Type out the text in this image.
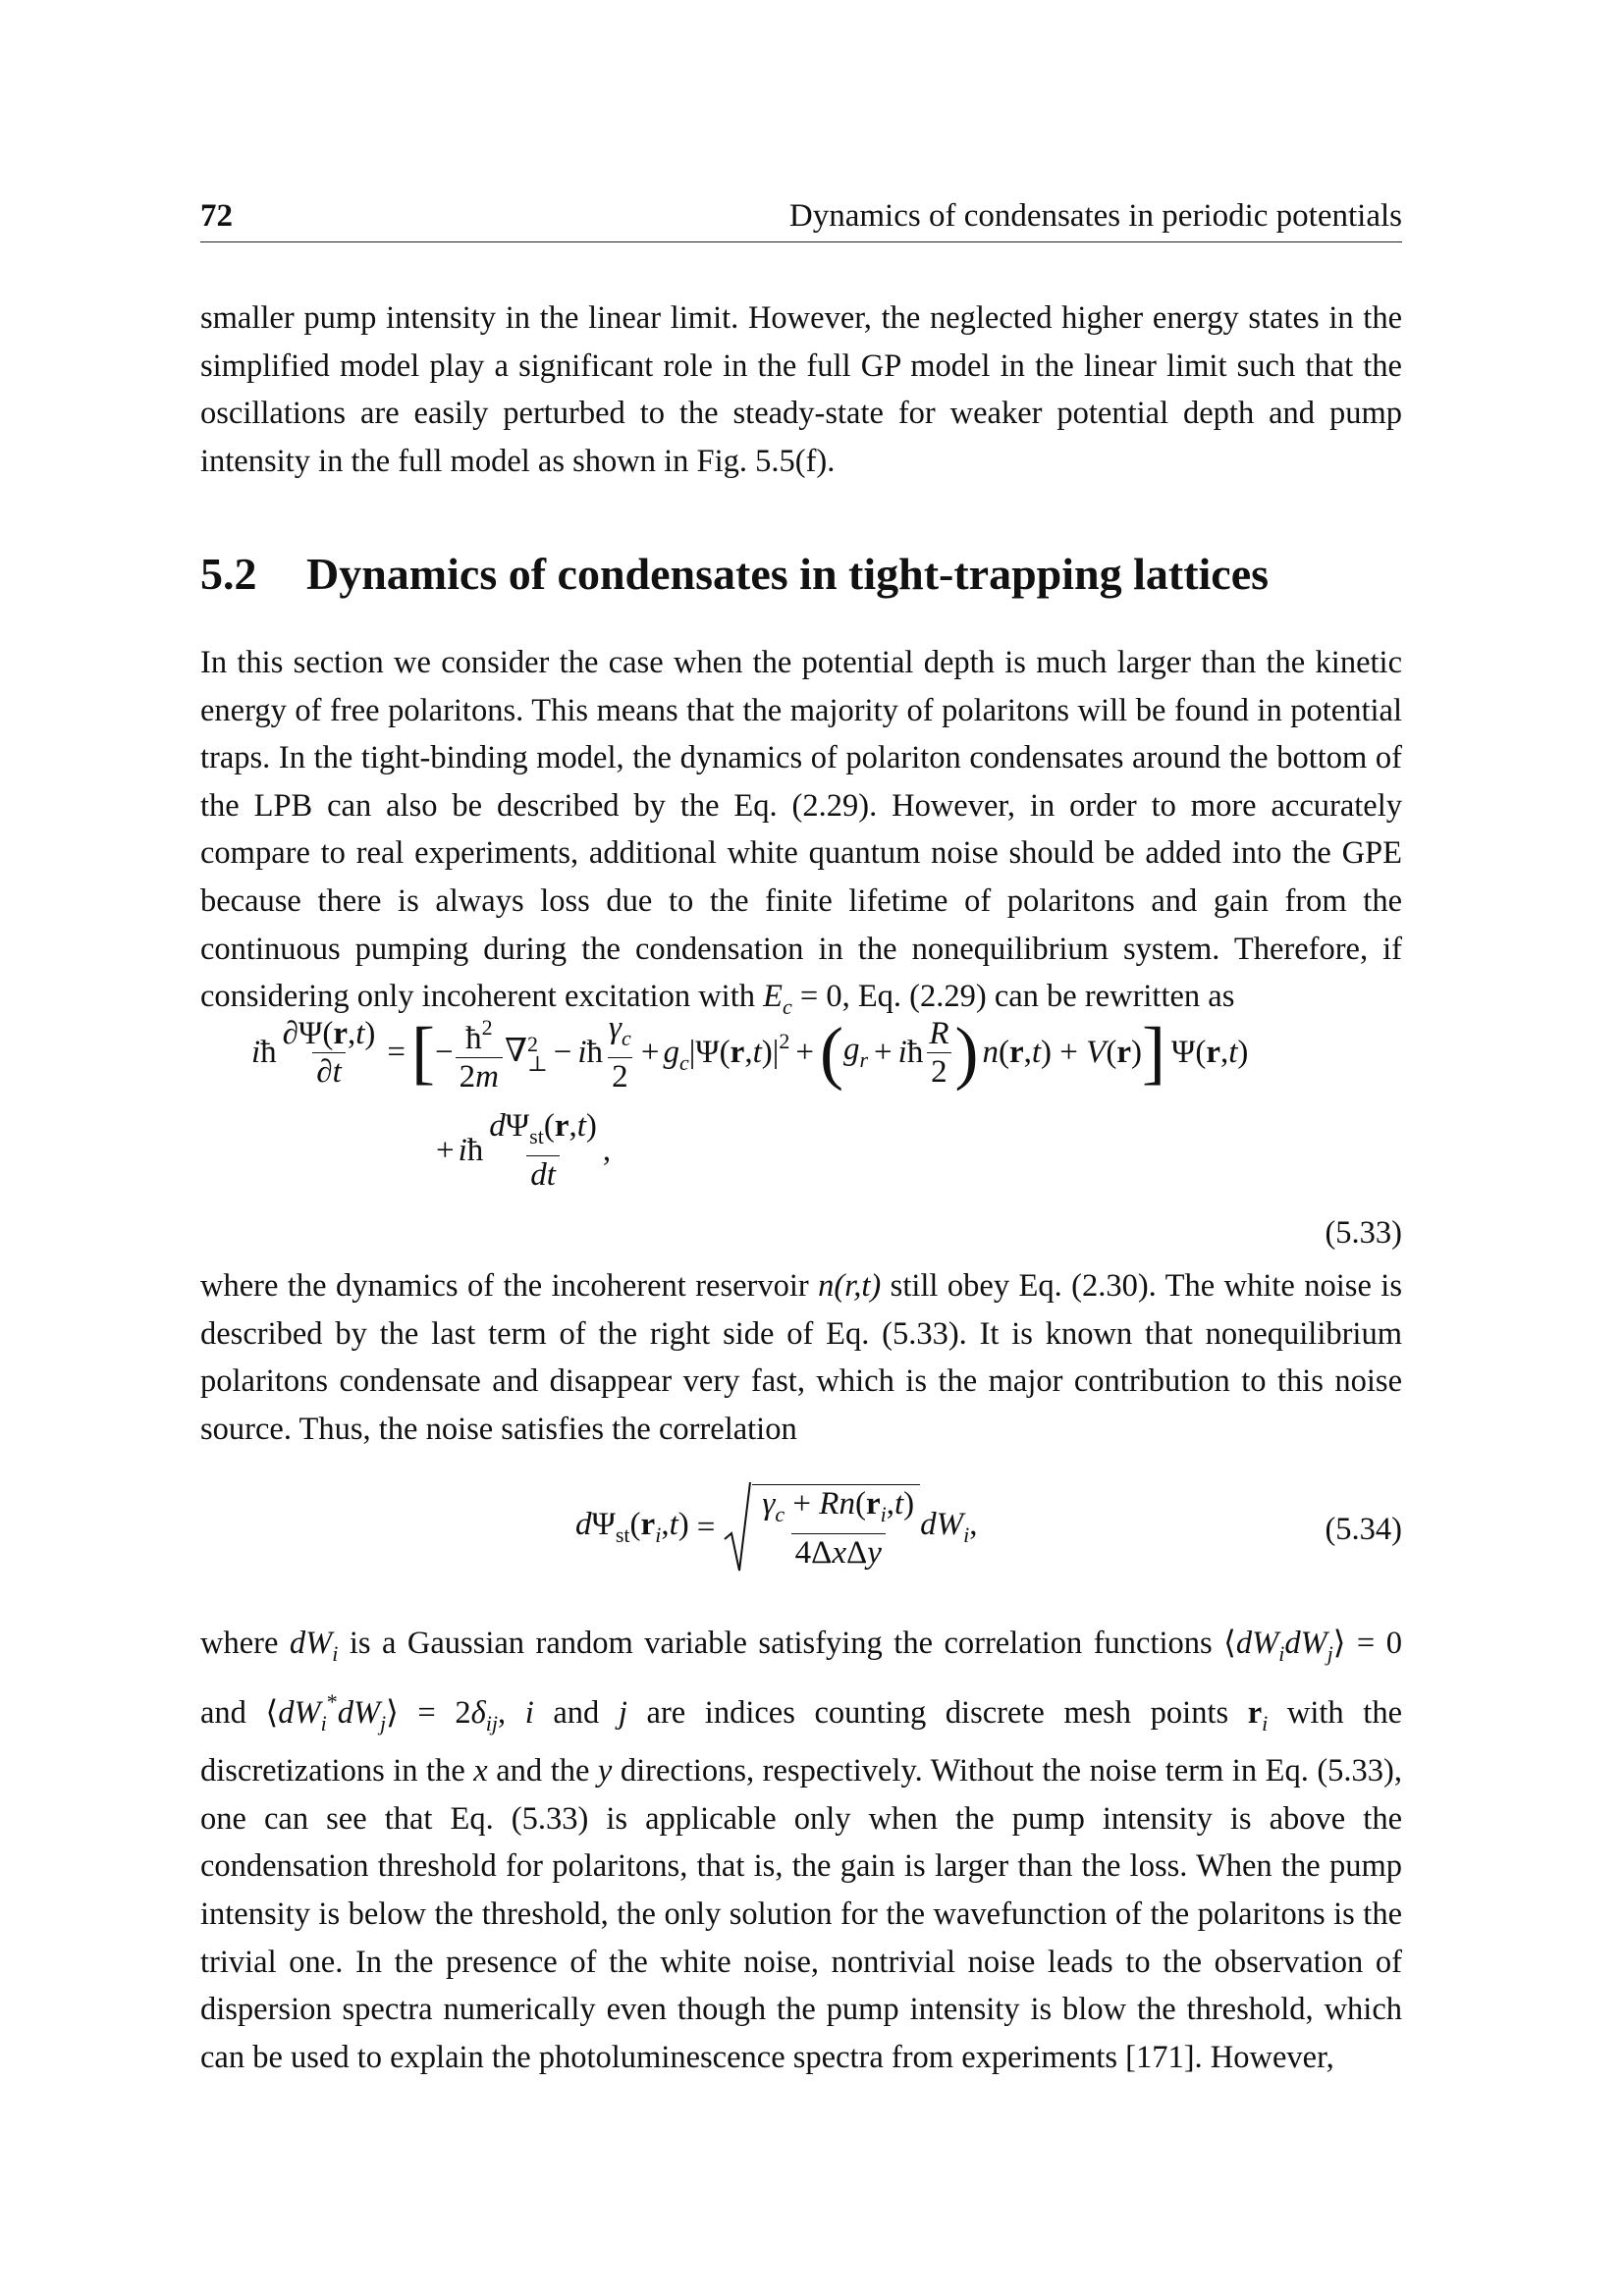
72	Dynamics of condensates in periodic potentials

smaller pump intensity in the linear limit. However, the neglected higher energy states in the simplified model play a significant role in the full GP model in the linear limit such that the oscillations are easily perturbed to the steady-state for weaker potential depth and pump intensity in the full model as shown in Fig. 5.5(f).

5.2 Dynamics of condensates in tight-trapping lattices

In this section we consider the case when the potential depth is much larger than the kinetic energy of free polaritons. This means that the majority of polaritons will be found in potential traps. In the tight-binding model, the dynamics of polariton condensates around the bottom of the LPB can also be described by the Eq. (2.29). However, in order to more accurately compare to real experiments, additional white quantum noise should be added into the GPE because there is always loss due to the finite lifetime of polaritons and gain from the continuous pumping during the condensation in the nonequilibrium system. Therefore, if considering only incoherent excitation with $E_c = 0$, Eq. (2.29) can be rewritten as

iħ $\frac{\partial\Psi(r,t)}{\partial t}$ = [ − $\frac{ħ^2}{2m}$ ∇ 2
⊥ − iħ $\frac{\gamma_c}{2} + g_c|\Psi(r,t)|^2$ + ( $g_r$ + iħ $\frac{R}{2}$ ) n(r,t) + V(r) ] Ψ(r,t)
+ iħ $\frac{d\Psi_{st}(r,t)}{dt}$ ,
(5.33)

where the dynamics of the incoherent reservoir n(r,t) still obey Eq. (2.30). The white noise is described by the last term of the right side of Eq. (5.33). It is known that nonequilibrium polaritons condensate and disappear very fast, which is the major contribution to this noise source. Thus, the noise satisfies the correlation

$d\Psi_{st}(r_i,t) = \frac{\gamma_c + Rn(r_i,t)}{\text{4ΔxΔy}} dW_i$,	(5.34)

where $dW_i$ is a Gaussian random variable satisfying the correlation functions $⟨dW_idW_j⟩ = 0$ and $⟨dW_i^*dW_j⟩ = 2\delta_{ij}$, i and j are indices counting discrete mesh points $r_i$ with the discretizations in the x and the y directions, respectively. Without the noise term in Eq. (5.33), one can see that Eq. (5.33) is applicable only when the pump intensity is above the condensation threshold for polaritons, that is, the gain is larger than the loss. When the pump intensity is below the threshold, the only solution for the wavefunction of the polaritons is the trivial one. In the presence of the white noise, nontrivial noise leads to the observation of dispersion spectra numerically even though the pump intensity is blow the threshold, which can be used to explain the photoluminescence spectra from experiments [171]. However,
